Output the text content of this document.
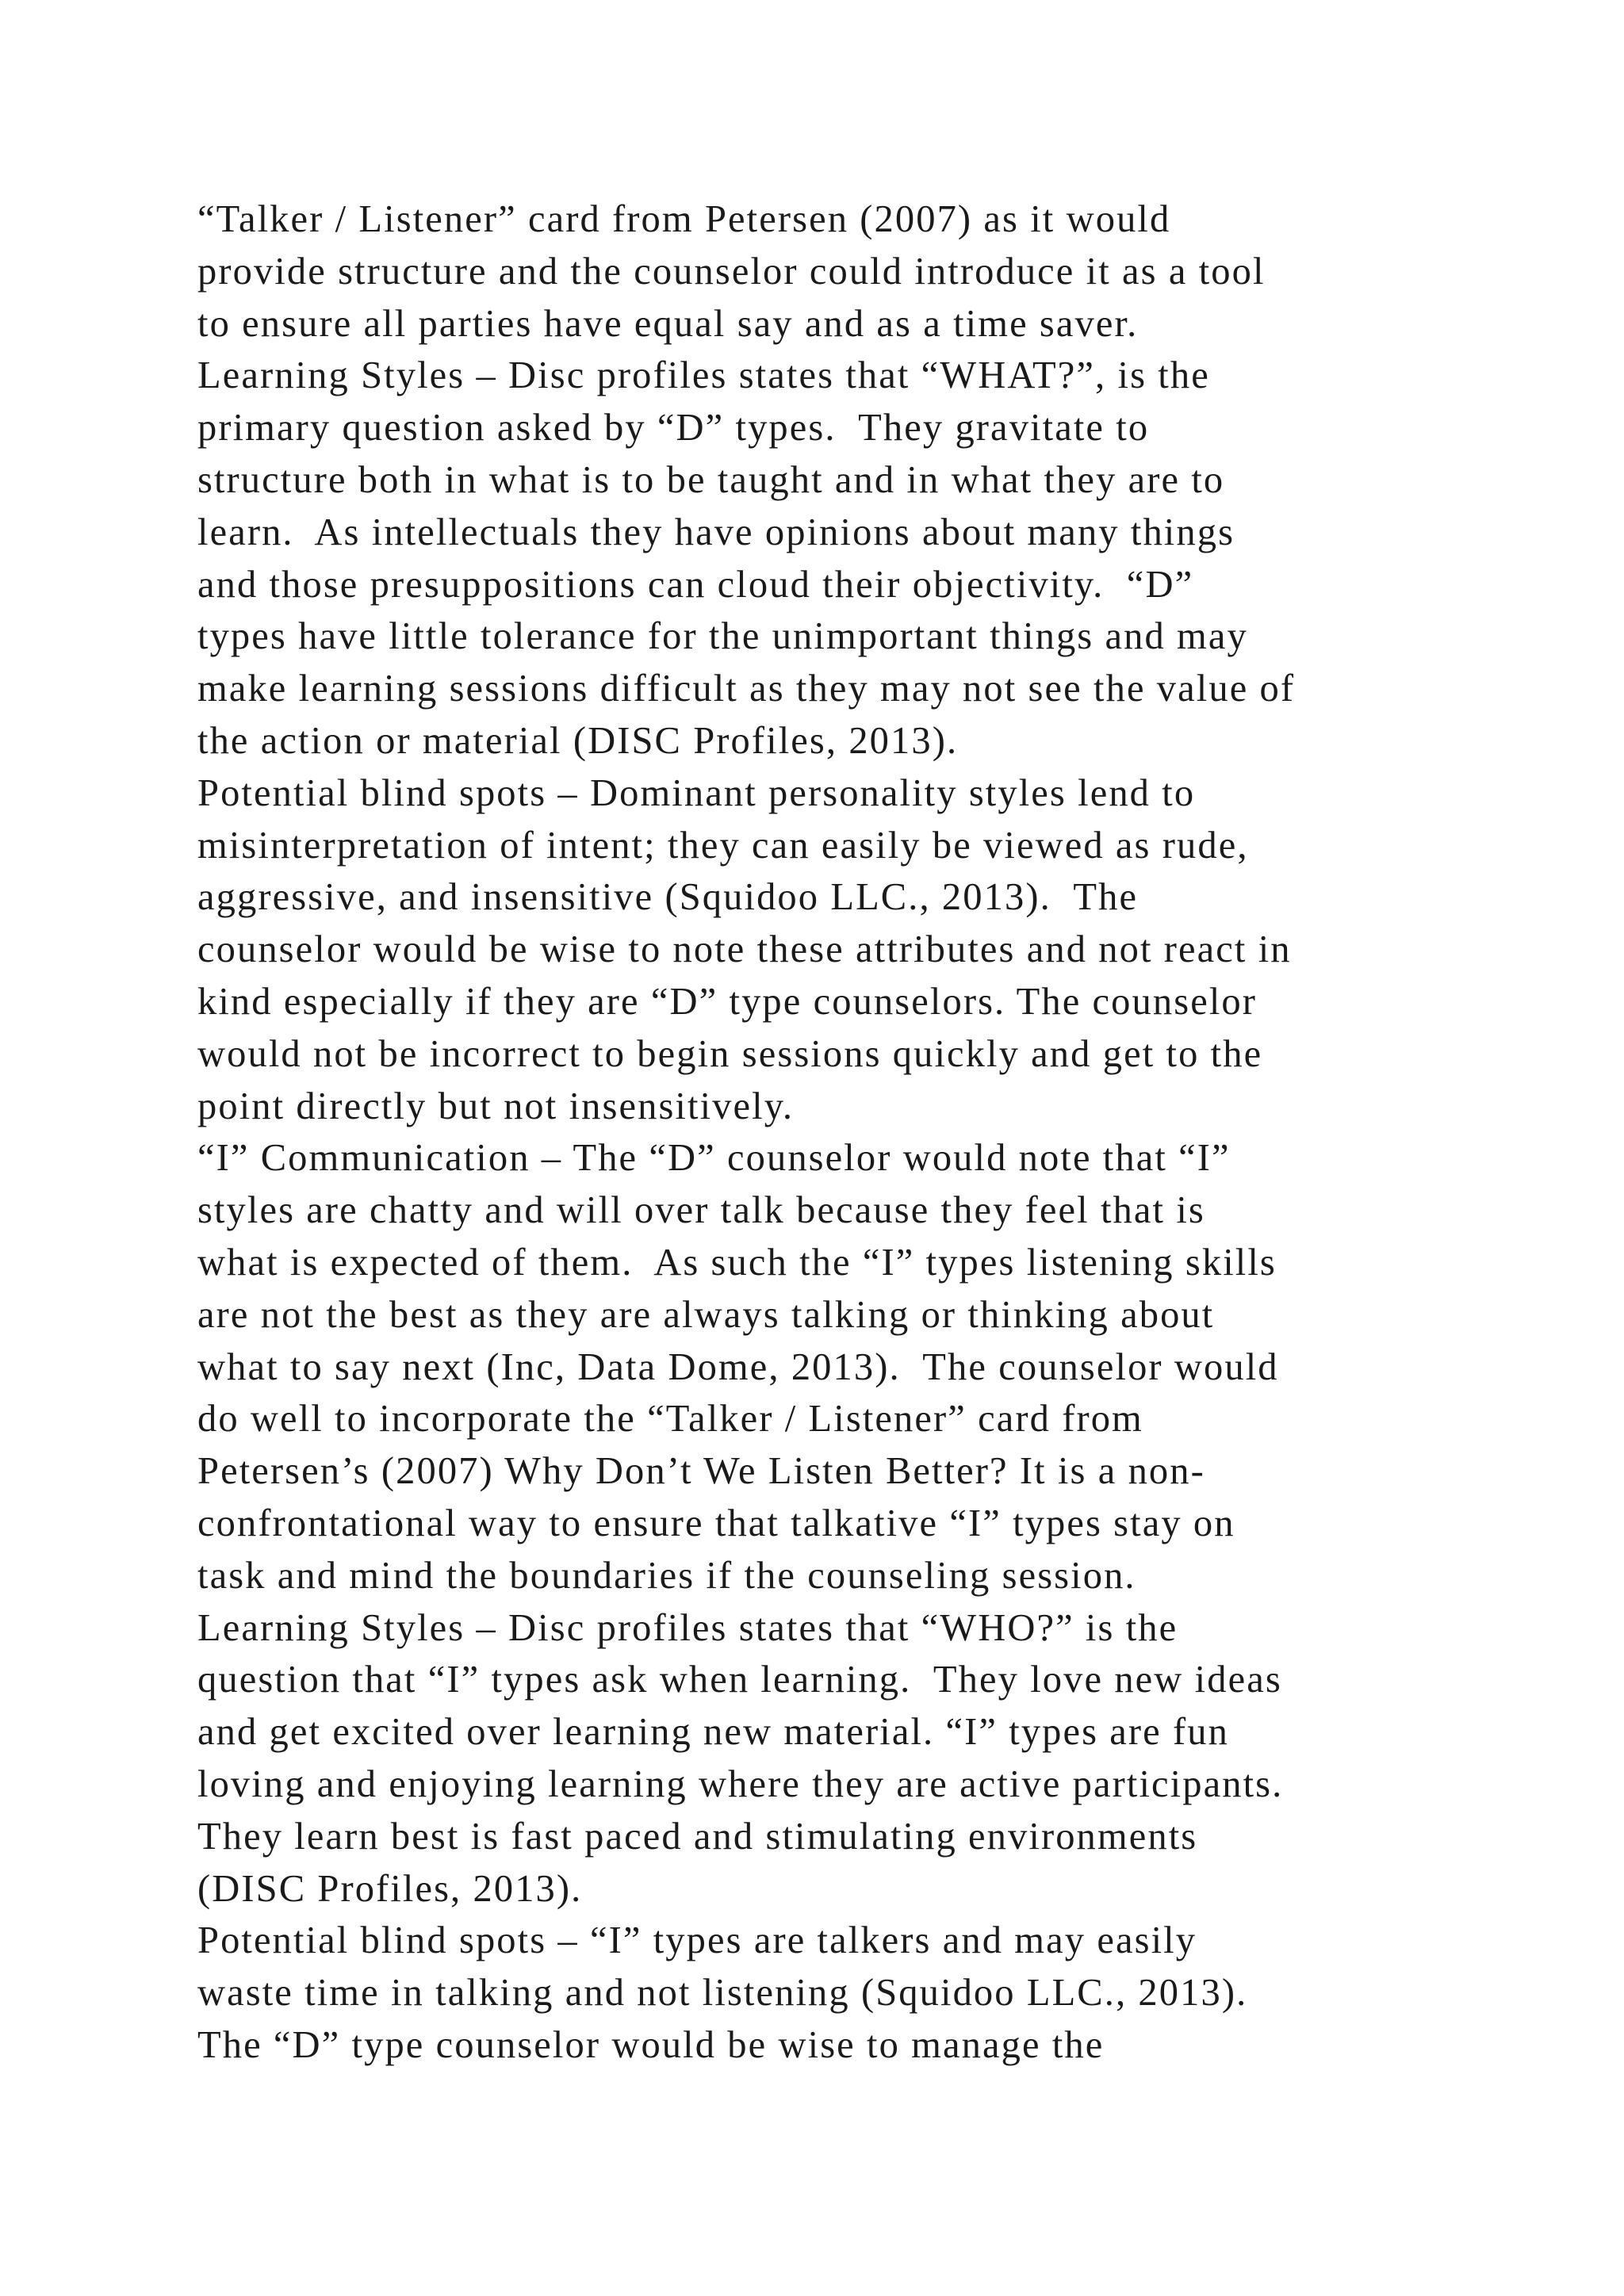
“Talker / Listener” card from Petersen (2007) as it would
provide structure and the counselor could introduce it as a tool
to ensure all parties have equal say and as a time saver.
Learning Styles – Disc profiles states that “WHAT?”, is the
primary question asked by “D” types.  They gravitate to
structure both in what is to be taught and in what they are to
learn.  As intellectuals they have opinions about many things
and those presuppositions can cloud their objectivity.  “D”
types have little tolerance for the unimportant things and may
make learning sessions difficult as they may not see the value of
the action or material (DISC Profiles, 2013).
Potential blind spots – Dominant personality styles lend to
misinterpretation of intent; they can easily be viewed as rude,
aggressive, and insensitive (Squidoo LLC., 2013).  The
counselor would be wise to note these attributes and not react in
kind especially if they are “D” type counselors. The counselor
would not be incorrect to begin sessions quickly and get to the
point directly but not insensitively.
“I” Communication – The “D” counselor would note that “I”
styles are chatty and will over talk because they feel that is
what is expected of them.  As such the “I” types listening skills
are not the best as they are always talking or thinking about
what to say next (Inc, Data Dome, 2013).  The counselor would
do well to incorporate the “Talker / Listener” card from
Petersen’s (2007) Why Don’t We Listen Better? It is a non-
confrontational way to ensure that talkative “I” types stay on
task and mind the boundaries if the counseling session.
Learning Styles – Disc profiles states that “WHO?” is the
question that “I” types ask when learning.  They love new ideas
and get excited over learning new material. “I” types are fun
loving and enjoying learning where they are active participants.
They learn best is fast paced and stimulating environments
(DISC Profiles, 2013).
Potential blind spots – “I” types are talkers and may easily
waste time in talking and not listening (Squidoo LLC., 2013).
The “D” type counselor would be wise to manage the
